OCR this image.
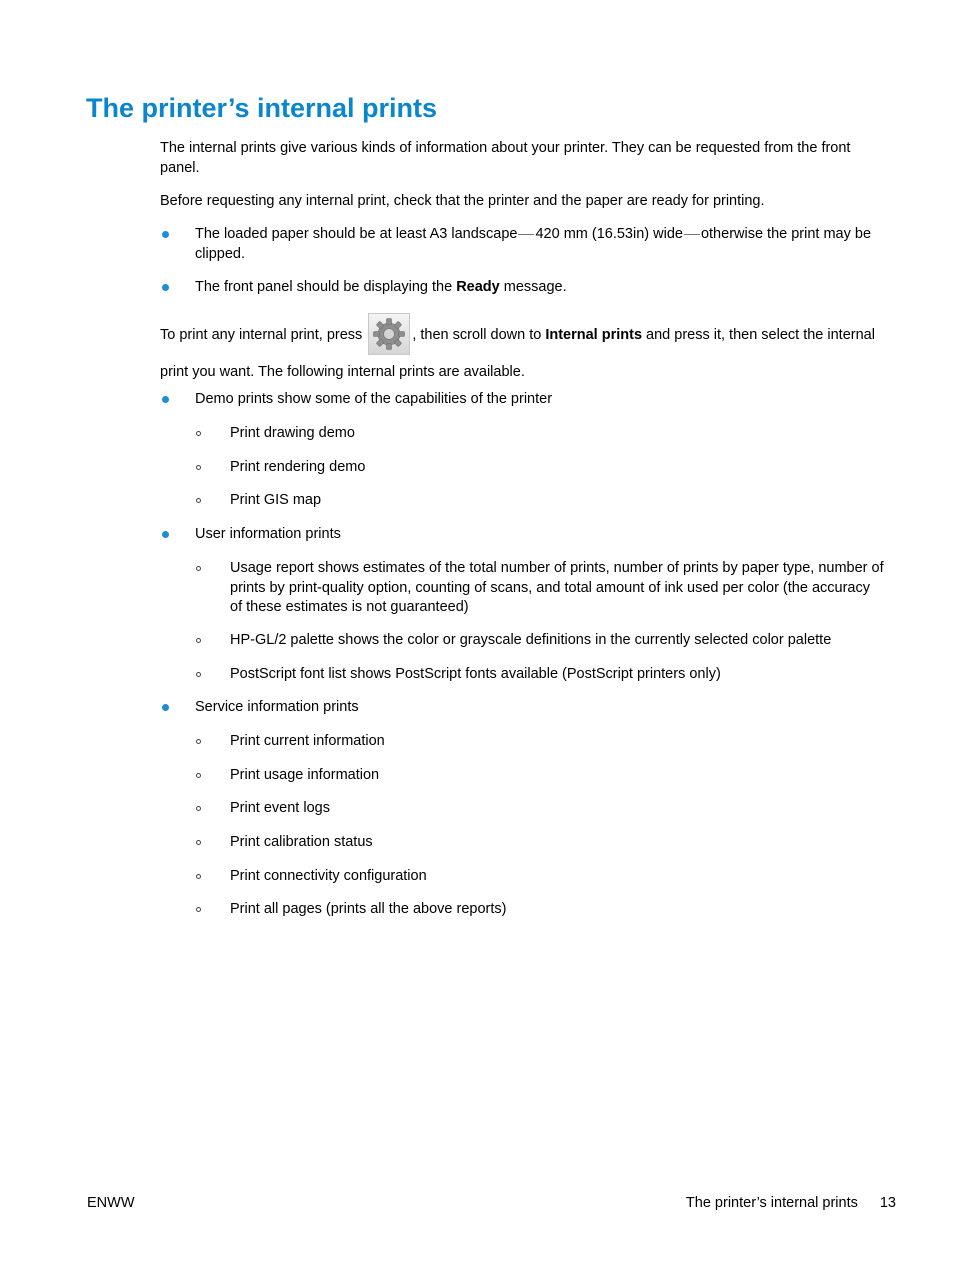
The printer’s internal prints

The internal prints give various kinds of information about your printer. They can be requested from the front panel.

Before requesting any internal print, check that the printer and the paper are ready for printing.

The loaded paper should be at least A3 landscape 420 mm (16.53in) wide otherwise the print may be clipped.
The front panel should be displaying the Ready message.

To print any internal print, press	, then scroll down to Internal prints and press it, then select the internal print you want. The following internal prints are available.

Demo prints show some of the capabilities of the printer
Print drawing demo
Print rendering demo
Print GIS map
User information prints
Usage report shows estimates of the total number of prints, number of prints by paper type, number of prints by print-quality option, counting of scans, and total amount of ink used per color (the accuracy of these estimates is not guaranteed)
HP-GL/2 palette shows the color or grayscale definitions in the currently selected color palette
PostScript font list shows PostScript fonts available (PostScript printers only)
Service information prints
Print current information
Print usage information
Print event logs
Print calibration status
Print connectivity configuration
Print all pages (prints all the above reports)
ENWW	The printer’s internal prints 13
